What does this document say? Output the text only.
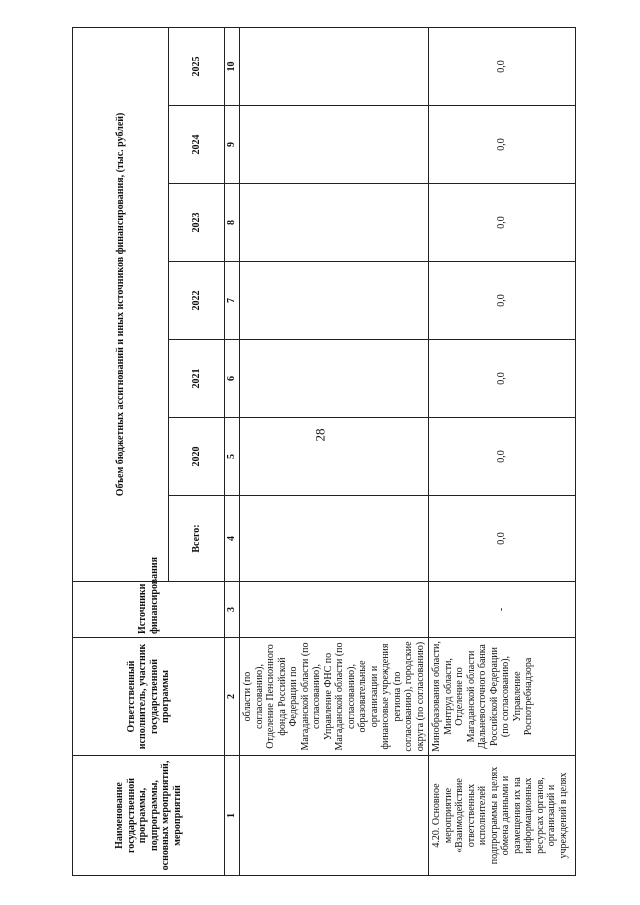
28
Наименование государственной программы, подпрограммы, основных мероприятий, мероприятий	Ответственный исполнитель, участник государственной программы	Источники финансирования	Объем бюджетных ассигнований и иных источников финансирования, (тыс. рублей)						
			Всего:	2020	2021	2022	2023	2024	2025
1	2	3	4	5	6	7	8	9	10
	области (по согласованию), Отделение Пенсионного фонда Российской Федерации по Магаданской области (по согласованию), Управление ФНС по Магаданской области (по согласованию), образовательные организации и финансовые учреждения региона (по согласованию), городские округа (по согласованию)								
4.20. Основное мероприятие «Взаимодействие ответственных исполнителей подпрограммы в целях обмена данными и размещения их на информационных ресурсах органов, организаций и учреждений в целях	Минобразования области, Минтруд области, Отделение по Магаданской области Дальневосточного банка Российской Федерации (по согласованию), Управление Роспотребнадзора	-	0,0	0,0	0,0	0,0	0,0	0,0	0,0
